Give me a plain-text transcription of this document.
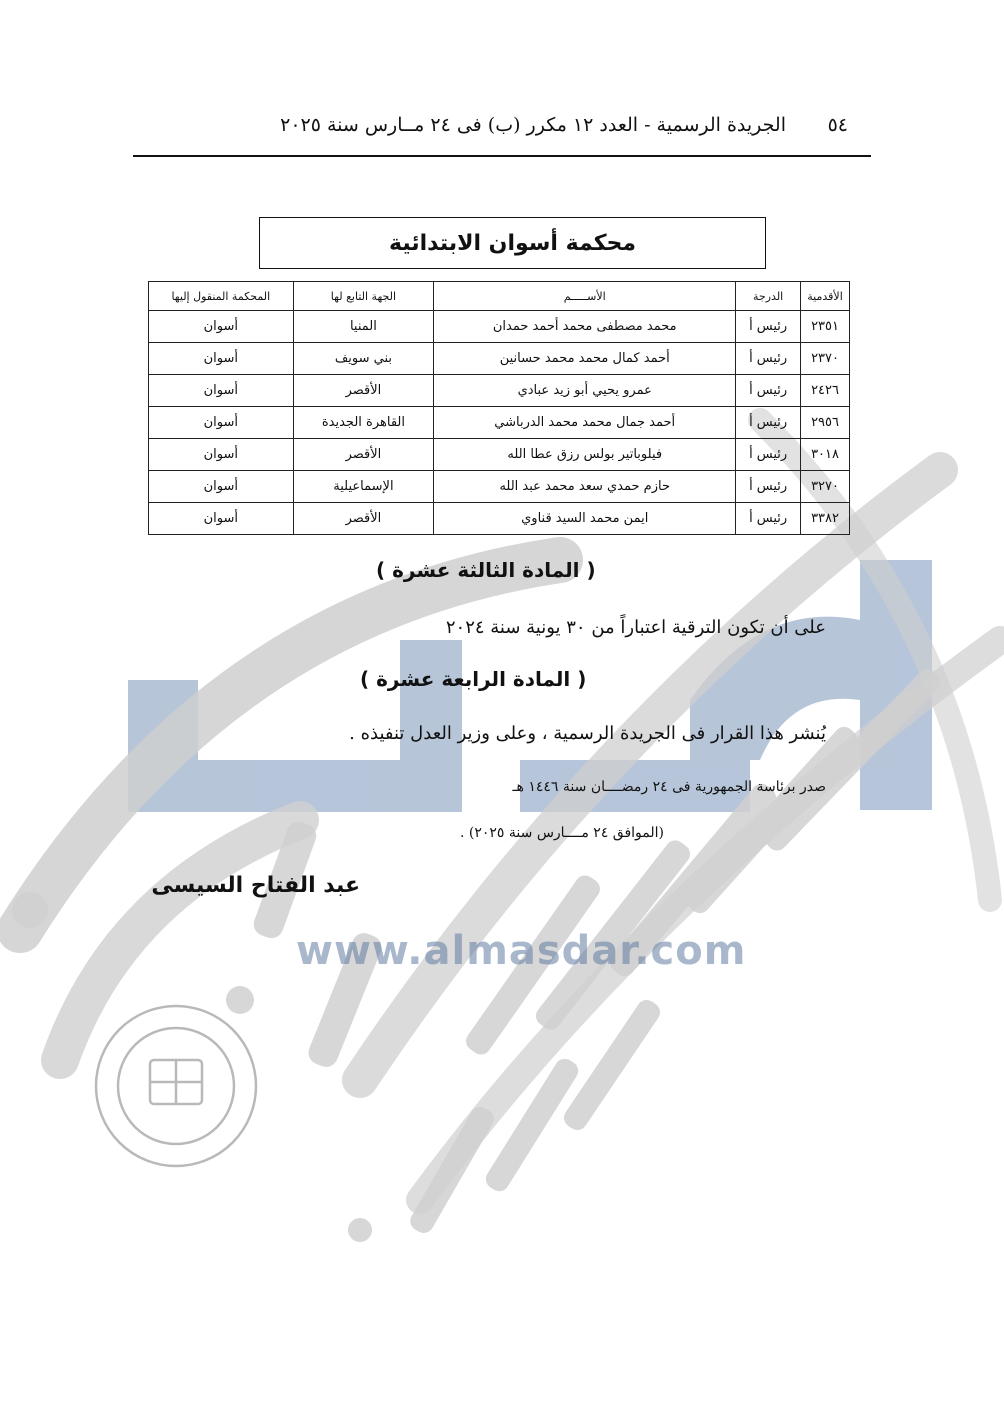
٥٤
الجريدة الرسمية - العدد ١٢ مكرر (ب) فى ٢٤ مــارس سنة ٢٠٢٥
محكمة أسوان الابتدائية
الأقدمية	الدرجة	الأســـــم	الجهة التابع لها	المحكمة المنقول إليها
٢٣٥١	رئيس أ	محمد مصطفى محمد أحمد حمدان	المنيا	أسوان
٢٣٧٠	رئيس أ	أحمد كمال محمد محمد حسانين	بني سويف	أسوان
٢٤٢٦	رئيس أ	عمرو يحيي أبو زيد عبادي	الأقصر	أسوان
٢٩٥٦	رئيس أ	أحمد جمال محمد محمد الدرباشي	القاهرة الجديدة	أسوان
٣٠١٨	رئيس أ	فيلوباتير بولس رزق عطا الله	الأقصر	أسوان
٣٢٧٠	رئيس أ	حازم حمدي سعد محمد عبد الله	الإسماعيلية	أسوان
٣٣٨٢	رئيس أ	ايمن محمد السيد قناوي	الأقصر	أسوان
( المادة الثالثة عشرة )
على أن تكون الترقية اعتباراً من ٣٠ يونية سنة ٢٠٢٤
( المادة الرابعة عشرة )
يُنشر هذا القرار فى الجريدة الرسمية ، وعلى وزير العدل تنفيذه .
صدر برئاسة الجمهورية فى ٢٤ رمضــــان سنة ١٤٤٦ هـ
(الموافق ٢٤ مــــارس سنة ٢٠٢٥) .
عبد الفتاح السيسى
www.almasdar.com
